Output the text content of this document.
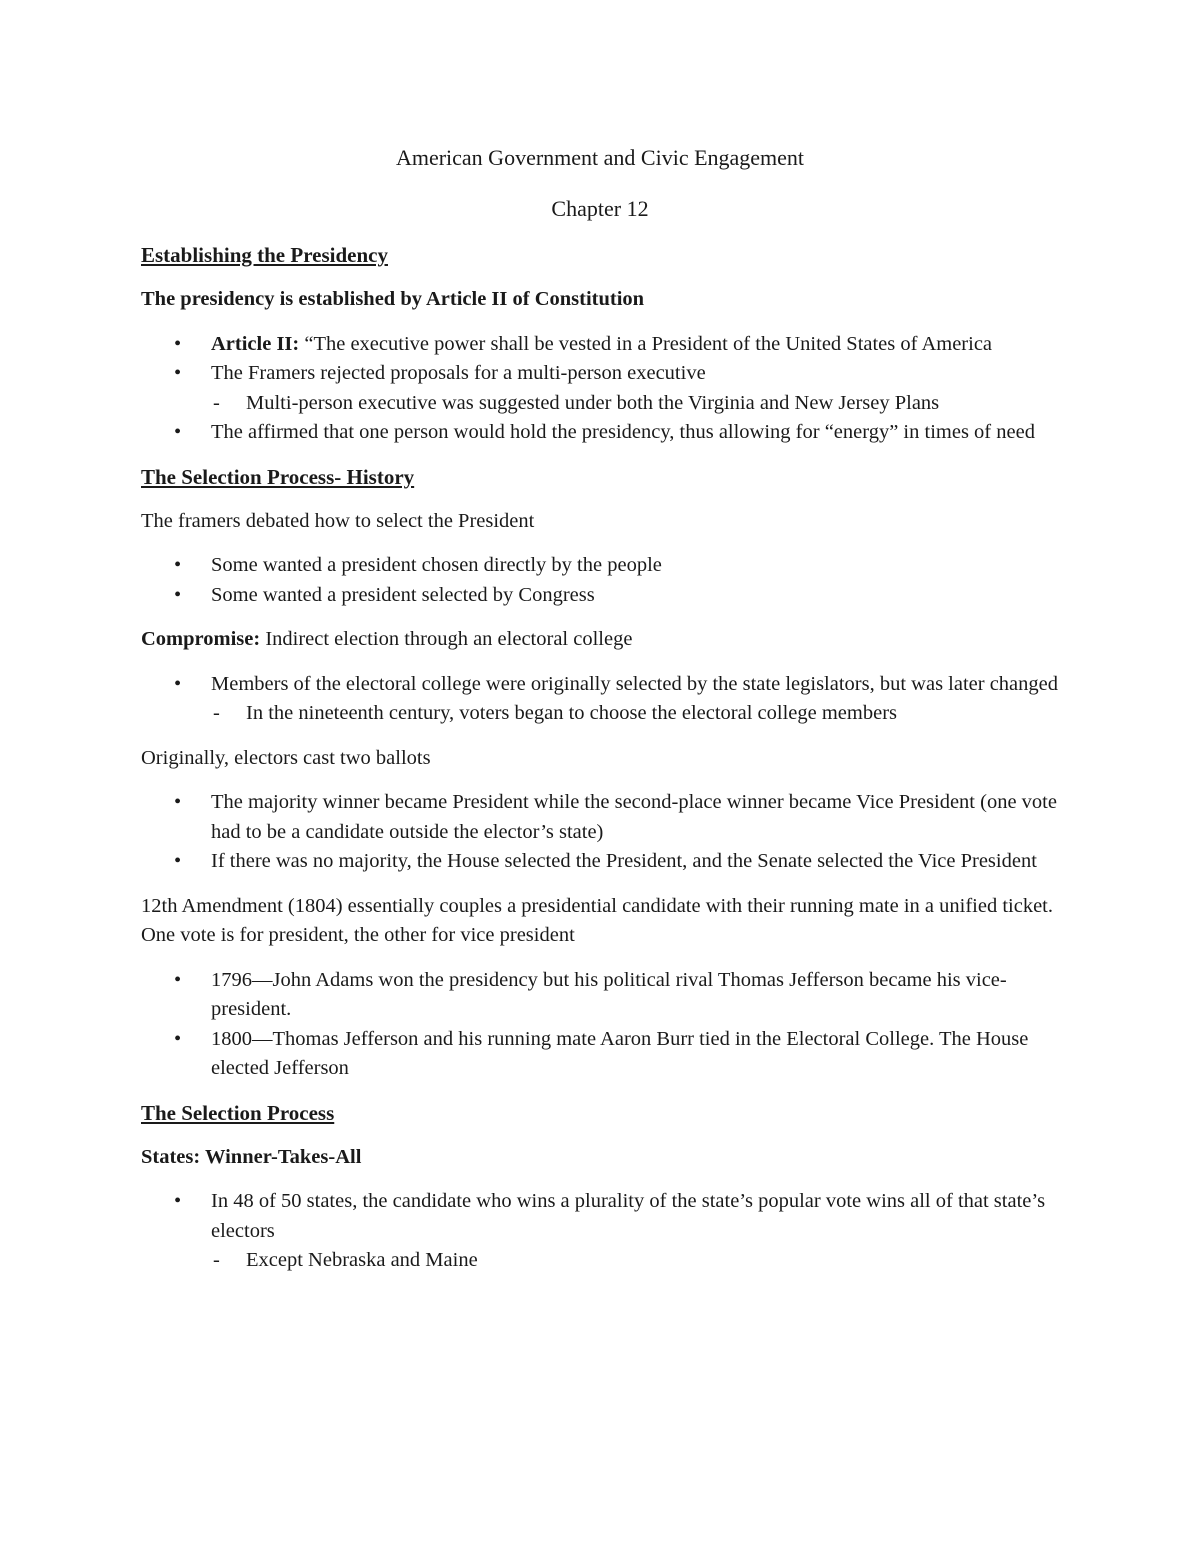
American Government and Civic Engagement
Chapter 12
Establishing the Presidency
The presidency is established by Article II of Constitution
• Article II: “The executive power shall be vested in a President of the United States of America
• The Framers rejected proposals for a multi-person executive
- Multi-person executive was suggested under both the Virginia and New Jersey Plans
• The affirmed that one person would hold the presidency, thus allowing for “energy” in times of need
The Selection Process- History

The framers debated how to select the President

• Some wanted a president chosen directly by the people
• Some wanted a president selected by Congress

Compromise: Indirect election through an electoral college

• Members of the electoral college were originally selected by the state legislators, but was later changed
- In the nineteenth century, voters began to choose the electoral college members

Originally, electors cast two ballots

• The majority winner became President while the second-place winner became Vice President (one vote had to be a candidate outside the elector’s state)
• If there was no majority, the House selected the President, and the Senate selected the Vice President

12th Amendment (1804) essentially couples a presidential candidate with their running mate in a unified ticket. One vote is for president, the other for vice president

• 1796—John Adams won the presidency but his political rival Thomas Jefferson became his vice-president.
• 1800—Thomas Jefferson and his running mate Aaron Burr tied in the Electoral College. The House elected Jefferson
The Selection Process
States: Winner-Takes-All
• In 48 of 50 states, the candidate who wins a plurality of the state’s popular vote wins all of that state’s electors
- Except Nebraska and Maine
